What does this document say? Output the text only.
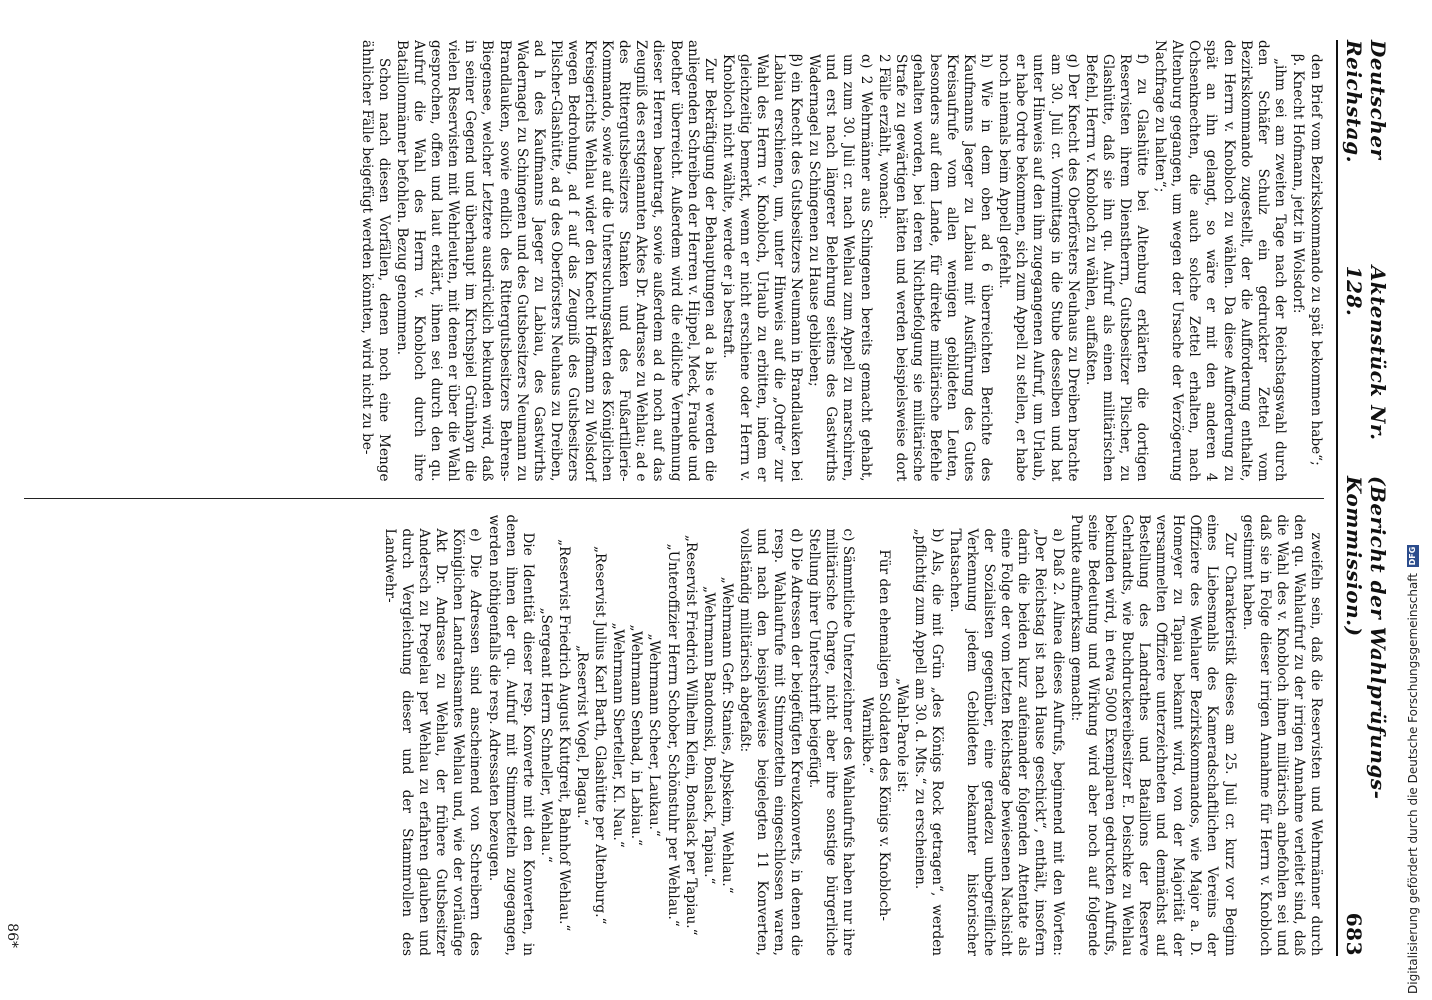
Deutscher Reichstag.
Aktenstück Nr. 128.
(Bericht der Wahlprüfungs-Kommission.)
683

den Brief vom Bezirkskommando zu spät bekommen habe“;

β. Knecht Hofmann, jetzt in Wolsdorf:

„ihm sei am zweiten Tage nach der Reichstagswahl durch den Schäfer Schulz ein gedruckter Zettel vom Bezirkskommando zugestellt, der die Aufforderung enthalte, den Herrn v. Knobloch zu wählen. Da diese Aufforderung zu spät an ihn gelangt, so wäre er mit den anderen 4 Ochsenknechten, die auch solche Zettel erhalten, nach Altenburg gegangen, um wegen der Ursache der Verzögerung Nachfrage zu halten“;

f) zu Glashütte bei Altenburg erklärten die dortigen Reservisten ihrem Dienstherrn, Gutsbesitzer Pilscher, zu Glashütte, daß sie ihn qu. Aufruf als einen militärischen Befehl, Herrn v. Knobloch zu wählen, auffaßten.

g) Der Knecht des Oberförsters Neuhaus zu Dreiben brachte am 30. Juli cr. Vormittags in die Stube desselben und bat unter Hinweis auf den ihm zugegangenen Aufruf, um Urlaub, er habe Ordre bekommen, sich zum Appell zu stellen, er habe noch niemals beim Appell gefehlt.

h) Wie in dem oben ad 6 überreichten Berichte des Kaufmanns Jaeger zu Labiau mit Ausführung des Gutes Kreisaufrufe vom allen wenigen gebildeten Leuten, besonders auf dem Lande, für direkte militärische Befehle gehalten worden, bei deren Nichtbefolgung sie militärische Strafe zu gewärtigen hätten und werden beispielsweise dort 2 Fälle erzählt, wonach:

α) 2 Wehrmänner aus Schingenen bereits gemacht gehabt, um zum 30. Juli cr. nach Wehlau zum Appell zu marschiren, und erst nach längerer Belehrung seitens des Gastwirths Wadernagel zu Schingenen zu Hause geblieben;

β) ein Knecht des Gutsbesitzers Neumann in Brandlauken bei Labiau erschienen, um, unter Hinweis auf die „Ordre“ zur Wahl des Herrn v. Knobloch, Urlaub zu erbitten, indem er gleichzeitig bemerkt, wenn er nicht erschiene oder Herrn v. Knobloch nicht wählte, werde er ja bestraft.

Zur Bekräftigung der Behauptungen ad a bis e werden die anliegenden Schreiben der Herren v. Hippel, Meck, Fraude und Boether überreicht. Außerdem wird die eidliche Vernehmung dieser Herren beantragt, sowie außerdem ad d noch auf das Zeugniß des erstgenannten Aktes Dr. Andrasse zu Wehlau; ad e des Rittergutsbesitzers Stanken und des Fußartillerie-Kommando, sowie auf die Untersuchungsakten des Königlichen Kreisgerichts Wehlau wider den Knecht Hoffmann zu Wolsdorf wegen Bedrohung, ad f auf das Zeugniß des Gutsbesitzers Pilscher-Glashütte, ad g des Oberförsters Neuhaus zu Dreiben, ad h des Kaufmanns Jaeger zu Labiau, des Gastwirths Wadernagel zu Schingenen und des Gutsbesitzers Neumann zu Brandlauken, sowie endlich des Rittergutsbesitzers Behrens-Biegensee, welcher Letztere ausdrücklich bekunden wird, daß in seiner Gegend und überhaupt im Kirchspiel Grünhayn die vielen Reservisten mit Wehrleuten, mit denen er über die Wahl gesprochen, offen und laut erklärt, ihnen sei durch den qu. Aufruf die Wahl des Herrn v. Knobloch durch ihre Bataillonmänner befohlen. Bezug genommen.

Schon nach diesen Vorfällen, denen noch eine Menge ähnlicher Fälle beigefügt werden könnten, wird nicht zu be-

zweifeln sein, daß die Reservisten und Wehrmänner durch den qu. Wahlaufruf zu der irrigen Annahme verleitet sind, daß die Wahl des v. Knobloch ihnen militärisch anbefohlen sei und daß sie in Folge dieser irrigen Annahme für Herrn v. Knobloch gestimmt haben.

Zur Charakteristik dieses am 25. Juli cr. kurz vor Beginn eines Liebesmahls des Kameradschaftlichen Vereins der Offiziere des Wehlauer Bezirkskommandos, wie Major a. D. Homeyer zu Tapiau bekannt wird, von der Majorität der versammelten Offiziere unterzeichneten und demnächst auf Bestellung des Landrathes und Bataillons der Reserve Gehrlandts, wie Buchdruckereibesitzer E. Deischke zu Wehlau bekunden wird, in etwa 5000 Exemplaren gedruckten Aufrufs, seine Bedeutung und Wirkung wird aber noch auf folgende Punkte aufmerksam gemacht:

a) Daß 2. Alinea dieses Aufrufs, beginnend mit den Worten: „Der Reichstag ist nach Hause geschickt“, enthält, insofern darin die beiden kurz aufeinander folgenden Attentate als eine Folge der vom letzten Reichstage bewiesenen Nachsicht der Sozialisten gegenüber, eine geradezu unbegreifliche Verkennung jedem Gebildeten bekannter historischer Thatsachen.

b) Als, die mit Grün „des Königs Rock getragen“, werden „pflichtig zum Appell am 30. d. Mts.“ zu erscheinen.

„Wahl-Parole ist:

Für den ehemaligen Soldaten des Königs v. Knobloch-Warnikbe.“

c) Sämmtliche Unterzeichner des Wahlaufrufs haben nur ihre militärische Charge, nicht aber ihre sonstige bürgerliche Stellung ihrer Unterschrift beigefügt.

d) Die Adressen der beigefügten Kreuzkonverts, in denen die resp. Wahlaufrufe mit Stimmzetteln eingeschlossen waren, und nach den beispielsweise beigelegten 11 Konverten, vollständig militärisch abgefaßt:

„Wehrmann Gefr. Stanies, Alpskeim, Wehlau.“

„Wehrmann Bandomski, Bonslack, Tapiau.“

„Reservist Friedrich Wilhelm Klein, Bonslack per Tapiau.“

„Unteroffizier Herrn Schober, Schönstuhr per Wehlau.“

„Wehrmann Scheer, Laukau.“

„Wehrmann Senbad, in Labiau.“

„Wehrmann Sberteller, Kl. Nau.“

„Reservist Julius Karl Barth, Glashütte per Altenburg.“

„Reservist Vogel, Plagau.“

„Reservist Friedrich August Kuttgreit, Bahnhof Wehlau.“

„Sergeant Herrn Schneller, Wehlau.“

Die Identität dieser resp. Konverte mit den Konverten, in denen ihnen der qu. Aufruf mit Stimmzetteln zugegangen, werden nöthigenfalls die resp. Adressaten bezeugen.

e) Die Adressen sind anscheinend von Schreibern des Königlichen Landrathsamtes Wehlau und, wie der vorläufige Akt Dr. Andrasse zu Wehlau, der frühere Gutsbesitzer Andersch zu Pregelau per Wehlau zu erfahren glauben und durch Vergleichung dieser und der Stammrollen des Landwehr-

86*	Digitalisierung gefördert durch die Deutsche Forschungsgemeinschaft
DFG
